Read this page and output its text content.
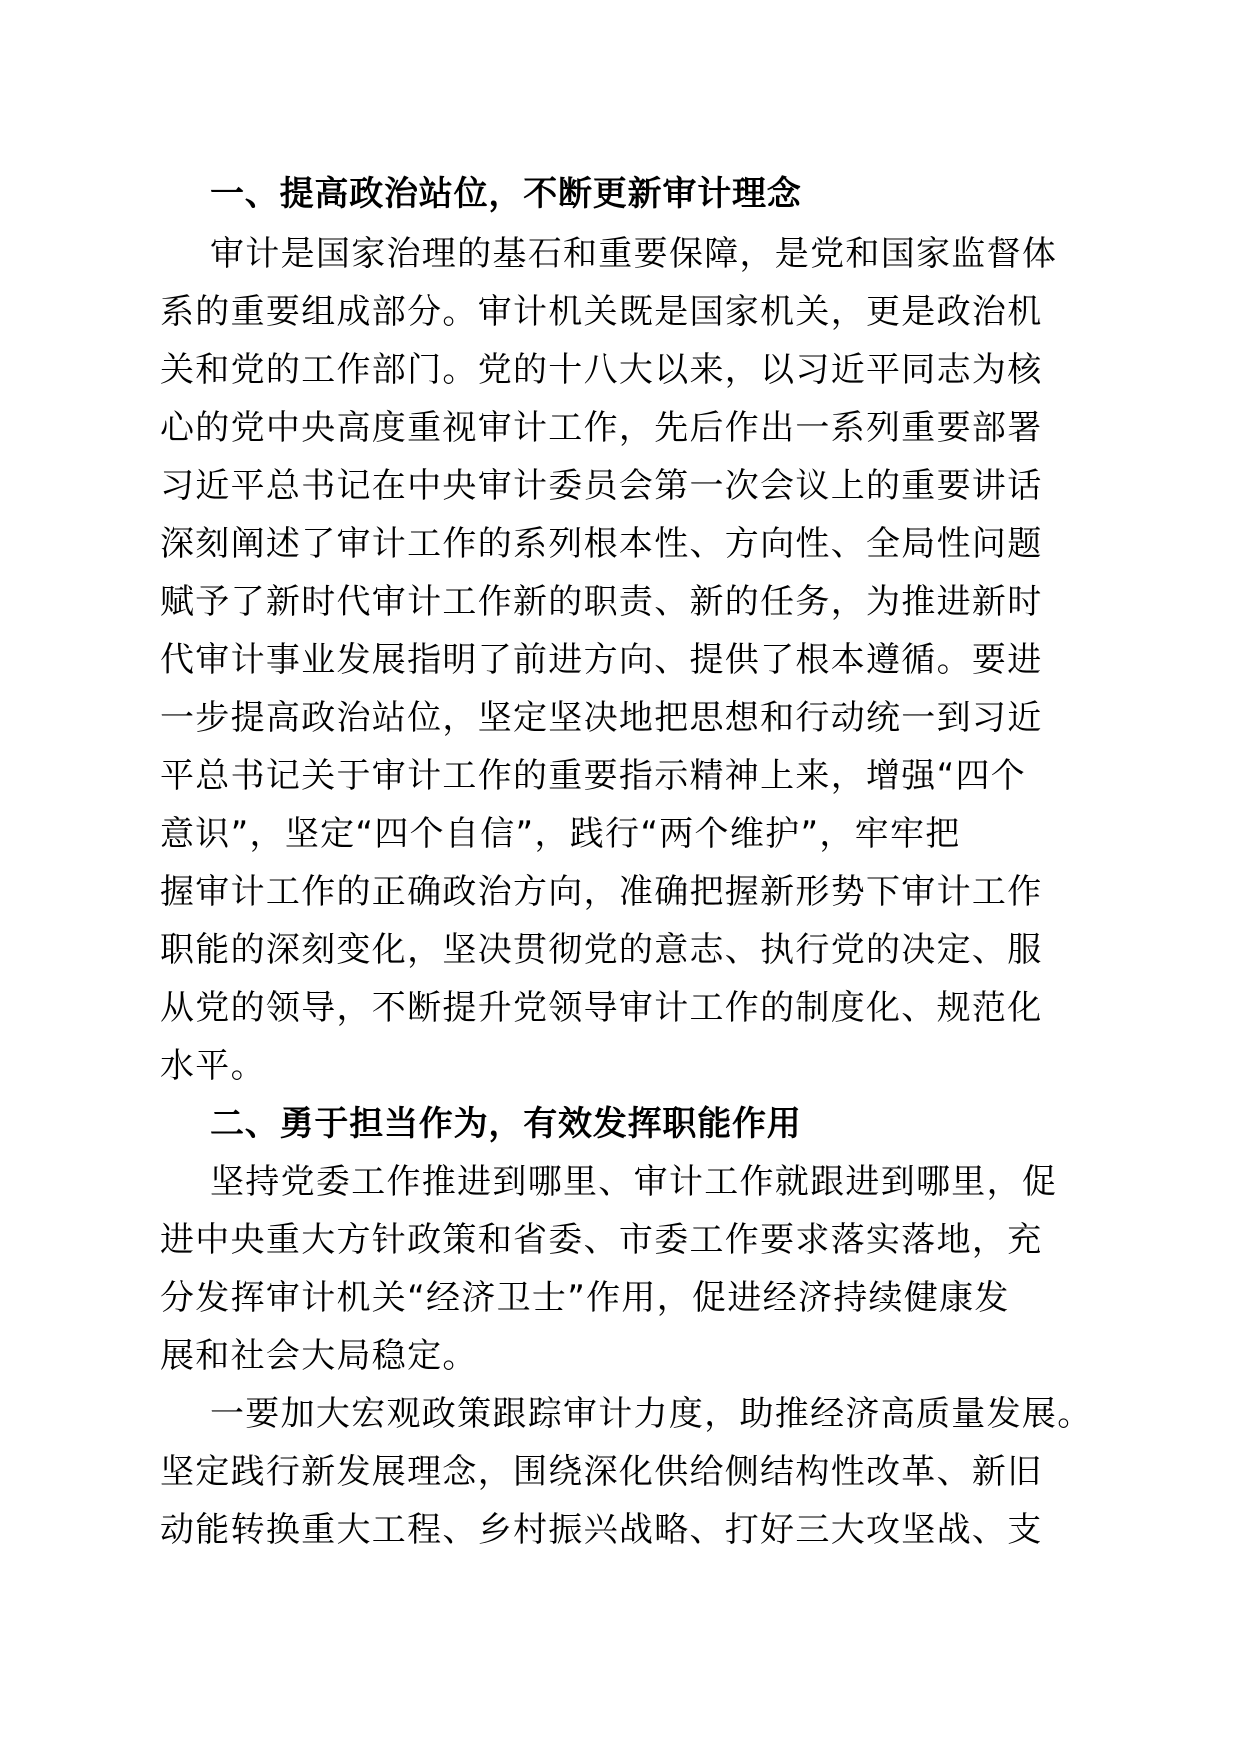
一、提高政治站位，不断更新审计理念
审计是国家治理的基石和重要保障，是党和国家监督体
系的重要组成部分。审计机关既是国家机关，更是政治机
关和党的工作部门。党的十八大以来，以习近平同志为核
心的党中央高度重视审计工作，先后作出一系列重要部署
习近平总书记在中央审计委员会第一次会议上的重要讲话
深刻阐述了审计工作的系列根本性、方向性、全局性问题
赋予了新时代审计工作新的职责、新的任务，为推进新时
代审计事业发展指明了前进方向、提供了根本遵循。要进
一步提高政治站位，坚定坚决地把思想和行动统一到习近
平总书记关于审计工作的重要指示精神上来，增强“四个
意识”，坚定“四个自信”，践行“两个维护”，牢牢把
握审计工作的正确政治方向，准确把握新形势下审计工作
职能的深刻变化，坚决贯彻党的意志、执行党的决定、服
从党的领导，不断提升党领导审计工作的制度化、规范化
水平。
二、勇于担当作为，有效发挥职能作用
坚持党委工作推进到哪里、审计工作就跟进到哪里，促
进中央重大方针政策和省委、市委工作要求落实落地，充
分发挥审计机关“经济卫士”作用，促进经济持续健康发
展和社会大局稳定。
一要加大宏观政策跟踪审计力度，助推经济高质量发展。
坚定践行新发展理念，围绕深化供给侧结构性改革、新旧
动能转换重大工程、乡村振兴战略、打好三大攻坚战、支
